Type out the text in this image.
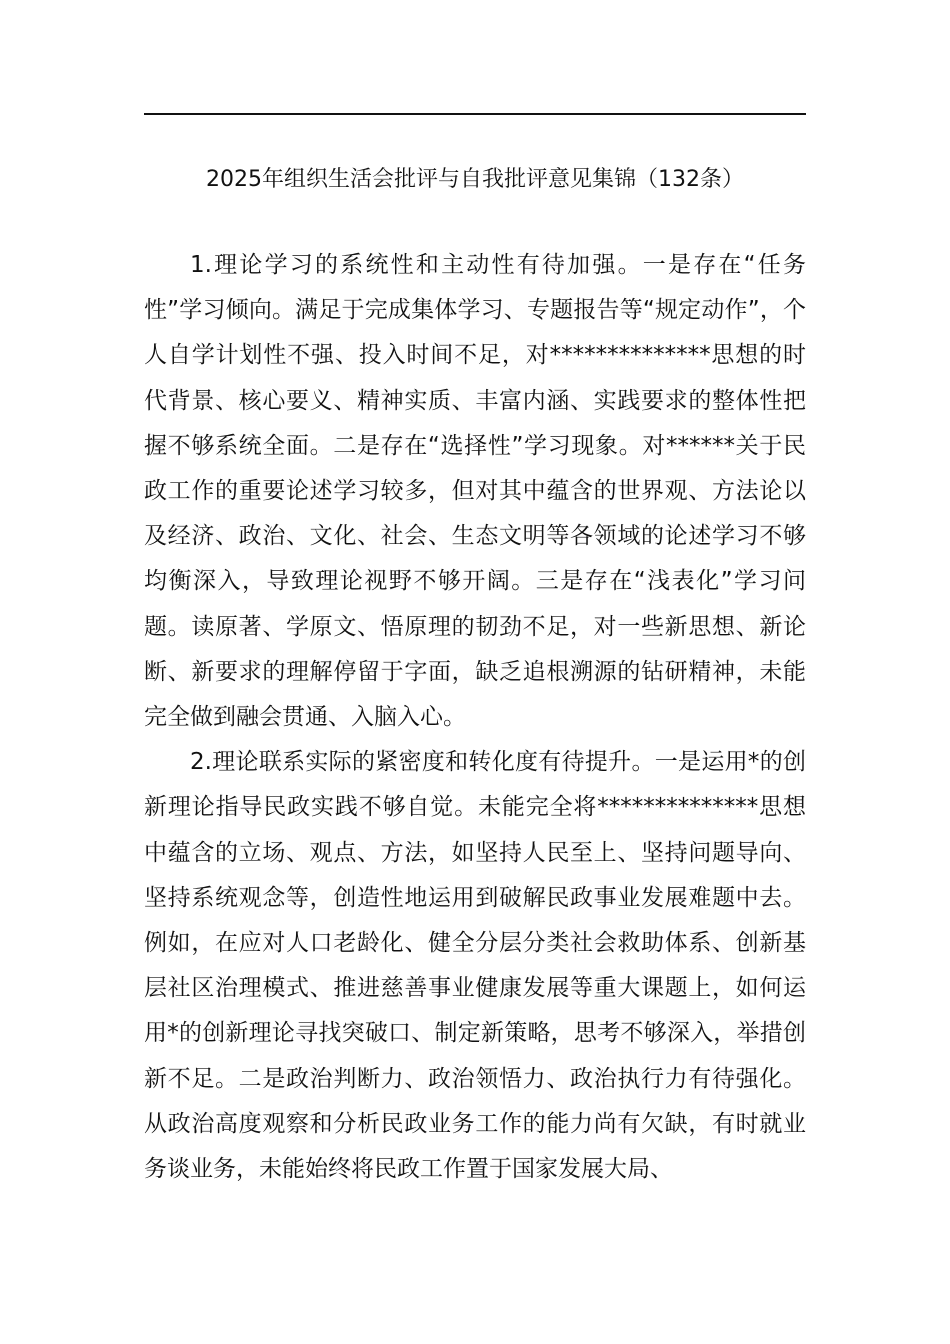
2025年组织生活会批评与自我批评意见集锦（132条）

1.理论学习的系统性和主动性有待加强。一是存在“任务性”学习倾向。满足于完成集体学习、专题报告等“规定动作”，个人自学计划性不强、投入时间不足，对**************思想的时代背景、核心要义、精神实质、丰富内涵、实践要求的整体性把握不够系统全面。二是存在“选择性”学习现象。对******关于民政工作的重要论述学习较多，但对其中蕴含的世界观、方法论以及经济、政治、文化、社会、生态文明等各领域的论述学习不够均衡深入，导致理论视野不够开阔。三是存在“浅表化”学习问题。读原著、学原文、悟原理的韧劲不足，对一些新思想、新论断、新要求的理解停留于字面，缺乏追根溯源的钻研精神，未能完全做到融会贯通、入脑入心。

2.理论联系实际的紧密度和转化度有待提升。一是运用*的创新理论指导民政实践不够自觉。未能完全将**************思想中蕴含的立场、观点、方法，如坚持人民至上、坚持问题导向、坚持系统观念等，创造性地运用到破解民政事业发展难题中去。例如，在应对人口老龄化、健全分层分类社会救助体系、创新基层社区治理模式、推进慈善事业健康发展等重大课题上，如何运用*的创新理论寻找突破口、制定新策略，思考不够深入，举措创新不足。二是政治判断力、政治领悟力、政治执行力有待强化。从政治高度观察和分析民政业务工作的能力尚有欠缺，有时就业务谈业务，未能始终将民政工作置于国家发展大局、
